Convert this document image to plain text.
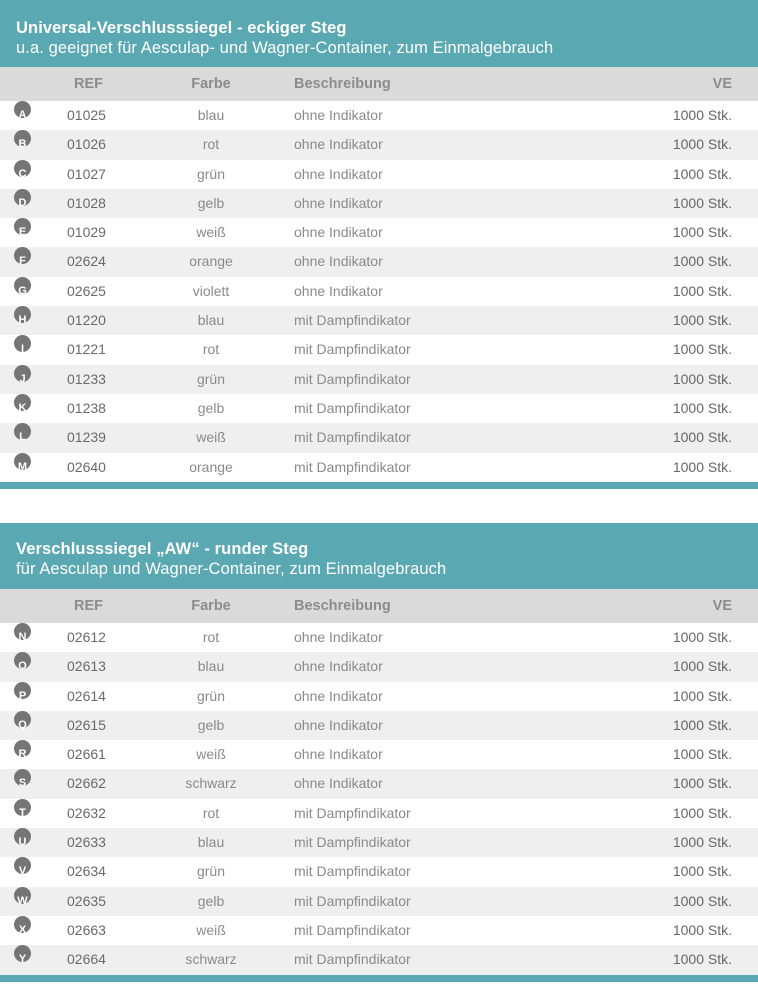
Universal-Verschlusssiegel - eckiger Steg
u.a. geeignet für Aesculap- und Wagner-Container, zum Einmalgebrauch
REF	Farbe	Beschreibung	VE
A	01025	blau	ohne Indikator	1000 Stk.
B	01026	rot	ohne Indikator	1000 Stk.
C	01027	grün	ohne Indikator	1000 Stk.
D	01028	gelb	ohne Indikator	1000 Stk.
E	01029	weiß	ohne Indikator	1000 Stk.
F	02624	orange	ohne Indikator	1000 Stk.
G	02625	violett	ohne Indikator	1000 Stk.
H	01220	blau	mit Dampfindikator	1000 Stk.
I	01221	rot	mit Dampfindikator	1000 Stk.
J	01233	grün	mit Dampfindikator	1000 Stk.
K	01238	gelb	mit Dampfindikator	1000 Stk.
L	01239	weiß	mit Dampfindikator	1000 Stk.
M	02640	orange	mit Dampfindikator	1000 Stk.
Verschlusssiegel „AW“ - runder Steg
für Aesculap und Wagner-Container, zum Einmalgebrauch
REF	Farbe	Beschreibung	VE
N	02612	rot	ohne Indikator	1000 Stk.
O	02613	blau	ohne Indikator	1000 Stk.
P	02614	grün	ohne Indikator	1000 Stk.
Q	02615	gelb	ohne Indikator	1000 Stk.
R	02661	weiß	ohne Indikator	1000 Stk.
S	02662	schwarz	ohne Indikator	1000 Stk.
T	02632	rot	mit Dampfindikator	1000 Stk.
U	02633	blau	mit Dampfindikator	1000 Stk.
V	02634	grün	mit Dampfindikator	1000 Stk.
W	02635	gelb	mit Dampfindikator	1000 Stk.
X	02663	weiß	mit Dampfindikator	1000 Stk.
Y	02664	schwarz	mit Dampfindikator	1000 Stk.
